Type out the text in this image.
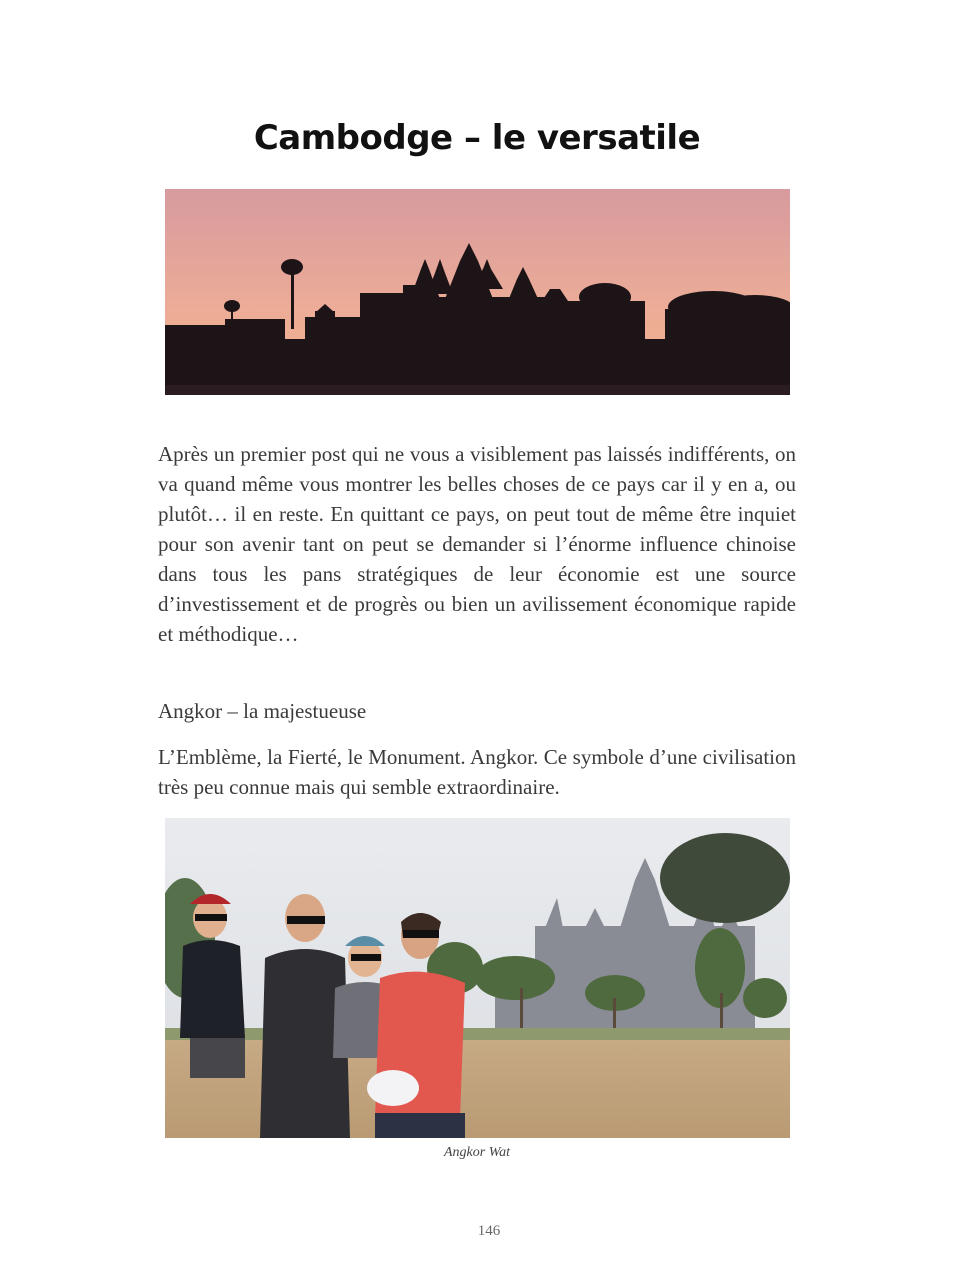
Cambodge – le versatile

Après un premier post qui ne vous a visiblement pas laissés indifférents, on va quand même vous montrer les belles choses de ce pays car il y en a, ou plutôt… il en reste. En quittant ce pays, on peut tout de même être inquiet pour son avenir tant on peut se demander si l’énorme influence chinoise dans tous les pans stratégiques de leur économie est une source d’investissement et de progrès ou bien un avilissement économique rapide et méthodique…

Angkor – la majestueuse

L’Emblème, la Fierté, le Monument. Angkor. Ce symbole d’une civilisation très peu connue mais qui semble extraordinaire.

Angkor Wat
146
